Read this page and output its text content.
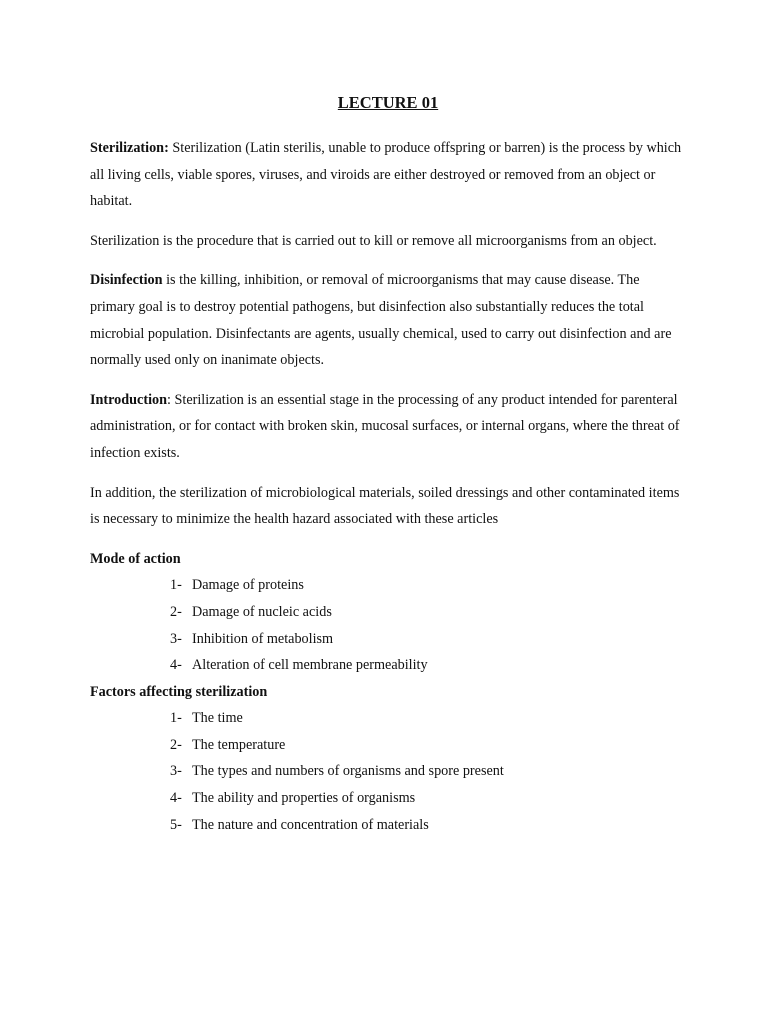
LECTURE 01

Sterilization: Sterilization (Latin sterilis, unable to produce offspring or barren) is the process by which all living cells, viable spores, viruses, and viroids are either destroyed or removed from an object or habitat.

Sterilization is the procedure that is carried out to kill or remove all microorganisms from an object.

Disinfection is the killing, inhibition, or removal of microorganisms that may cause disease. The primary goal is to destroy potential pathogens, but disinfection also substantially reduces the total microbial population. Disinfectants are agents, usually chemical, used to carry out disinfection and are normally used only on inanimate objects.

Introduction: Sterilization is an essential stage in the processing of any product intended for parenteral administration, or for contact with broken skin, mucosal surfaces, or internal organs, where the threat of infection exists.

In addition, the sterilization of microbiological materials, soiled dressings and other contaminated items is necessary to minimize the health hazard associated with these articles

Mode of action
1- Damage of proteins
2- Damage of nucleic acids
3- Inhibition of metabolism
4- Alteration of cell membrane permeability
Factors affecting sterilization
1- The time
2- The temperature
3- The types and numbers of organisms and spore present
4- The ability and properties of organisms
5- The nature and concentration of materials
